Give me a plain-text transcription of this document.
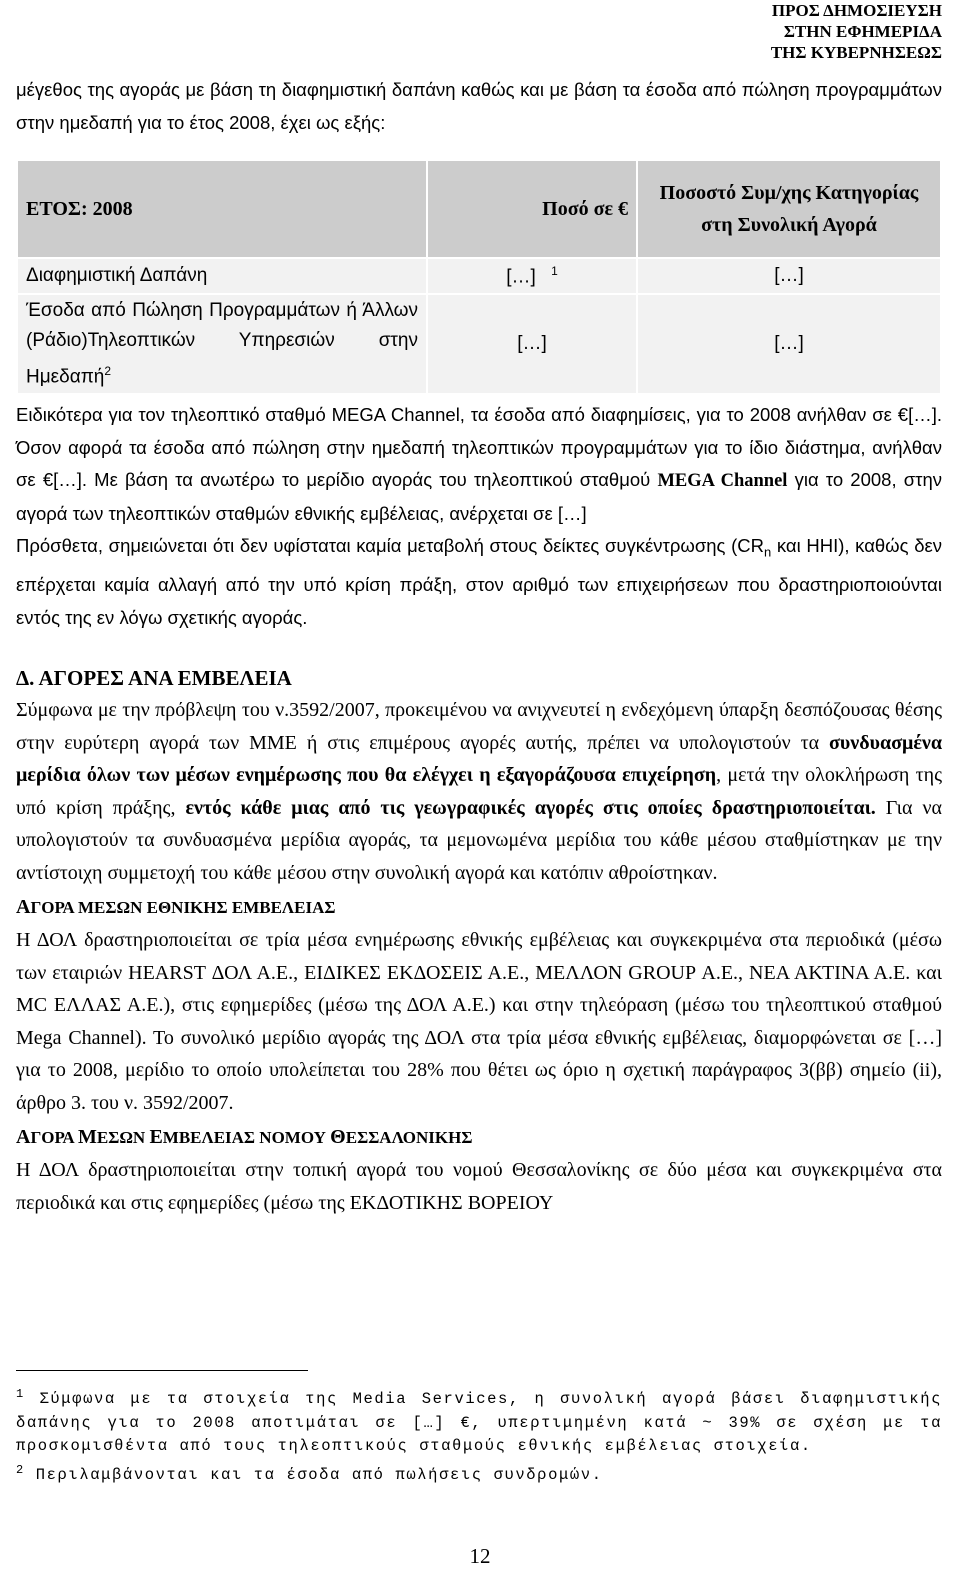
ΠΡΟΣ ΔΗΜΟΣΙΕΥΣΗ
ΣΤΗΝ ΕΦΗΜΕΡΙΔΑ
ΤΗΣ ΚΥΒΕΡΝΗΣΕΩΣ

μέγεθος της αγοράς με βάση τη διαφημιστική δαπάνη καθώς και με βάση τα έσοδα από πώληση προγραμμάτων στην ημεδαπή για το έτος 2008, έχει ως εξής:

ΕΤΟΣ: 2008	Ποσό σε €	Ποσοστό Συμ/χης Κατηγορίας στη Συνολική Αγορά
Διαφημιστική Δαπάνη	[…] $^1$	[…]
Έσοδα από Πώληση Προγραμμάτων ή Άλλων (Ράδιο)Τηλεοπτικών Υπηρεσιών στην Ημεδαπή$^2$	[…]	[…]

Ειδικότερα για τον τηλεοπτικό σταθμό MEGA Channel, τα έσοδα από διαφημίσεις, για το 2008 ανήλθαν σε €[…]. Όσον αφορά τα έσοδα από πώληση στην ημεδαπή τηλεοπτικών προγραμμάτων για το ίδιο διάστημα, ανήλθαν σε €[…]. Με βάση τα ανωτέρω το μερίδιο αγοράς του τηλεοπτικού σταθμού MEGA Channel για το 2008, στην αγορά των τηλεοπτικών σταθμών εθνικής εμβέλειας, ανέρχεται σε […]

Πρόσθετα, σημειώνεται ότι δεν υφίσταται καμία μεταβολή στους δείκτες συγκέντρωσης ($CR_n$ και HHI), καθώς δεν επέρχεται καμία αλλαγή από την υπό κρίση πράξη, στον αριθμό των επιχειρήσεων που δραστηριοποιούνται εντός της εν λόγω σχετικής αγοράς.

Δ. ΑΓΟΡΕΣ ΑΝΑ ΕΜΒΕΛΕΙΑ

Σύμφωνα με την πρόβλεψη του ν.3592/2007, προκειμένου να ανιχνευτεί η ενδεχόμενη ύπαρξη δεσπόζουσας θέσης στην ευρύτερη αγορά των ΜΜΕ ή στις επιμέρους αγορές αυτής, πρέπει να υπολογιστούν τα συνδυασμένα μερίδια όλων των μέσων ενημέρωσης που θα ελέγχει η εξαγοράζουσα επιχείρηση, μετά την ολοκλήρωση της υπό κρίση πράξης, εντός κάθε μιας από τις γεωγραφικές αγορές στις οποίες δραστηριοποιείται. Για να υπολογιστούν τα συνδυασμένα μερίδια αγοράς, τα μεμονωμένα μερίδια του κάθε μέσου σταθμίστηκαν με την αντίστοιχη συμμετοχή του κάθε μέσου στην συνολική αγορά και κατόπιν αθροίστηκαν.

ΑΓΟΡΑ ΜΕΣΩΝ ΕΘΝΙΚΗΣ ΕΜΒΕΛΕΙΑΣ

Η ΔΟΛ δραστηριοποιείται σε τρία μέσα ενημέρωσης εθνικής εμβέλειας και συγκεκριμένα στα περιοδικά (μέσω των εταιριών HEARST ΔΟΛ Α.Ε., ΕΙΔΙΚΕΣ ΕΚΔΟΣΕΙΣ Α.Ε., ΜΕΛΛΟΝ GROUP Α.Ε., ΝΕΑ ΑΚΤΙΝΑ Α.Ε. και MC ΕΛΛΑΣ Α.Ε.), στις εφημερίδες (μέσω της ΔΟΛ Α.Ε.) και στην τηλεόραση (μέσω του τηλεοπτικού σταθμού Mega Channel). Το συνολικό μερίδιο αγοράς της ΔΟΛ στα τρία μέσα εθνικής εμβέλειας, διαμορφώνεται σε […] για το 2008, μερίδιο το οποίο υπολείπεται του 28% που θέτει ως όριο η σχετική παράγραφος 3(ββ) σημείο (ii), άρθρο 3. του ν. 3592/2007.

ΑΓΟΡΑ ΜΕΣΩΝ ΕΜΒΕΛΕΙΑΣ ΝΟΜΟΥ ΘΕΣΣΑΛΟΝΙΚΗΣ

Η ΔΟΛ δραστηριοποιείται στην τοπική αγορά του νομού Θεσσαλονίκης σε δύο μέσα και συγκεκριμένα στα περιοδικά και στις εφημερίδες (μέσω της ΕΚΔΟΤΙΚΗΣ ΒΟΡΕΙΟΥ

$^1$ Σύμφωνα με τα στοιχεία της Media Services, η συνολική αγορά βάσει διαφημιστικής δαπάνης για το 2008 αποτιμάται σε […] €, υπερτιμημένη κατά ~ 39% σε σχέση με τα προσκομισθέντα από τους τηλεοπτικούς σταθμούς εθνικής εμβέλειας στοιχεία.
$^2$ Περιλαμβάνονται και τα έσοδα από πωλήσεις συνδρομών.
12
